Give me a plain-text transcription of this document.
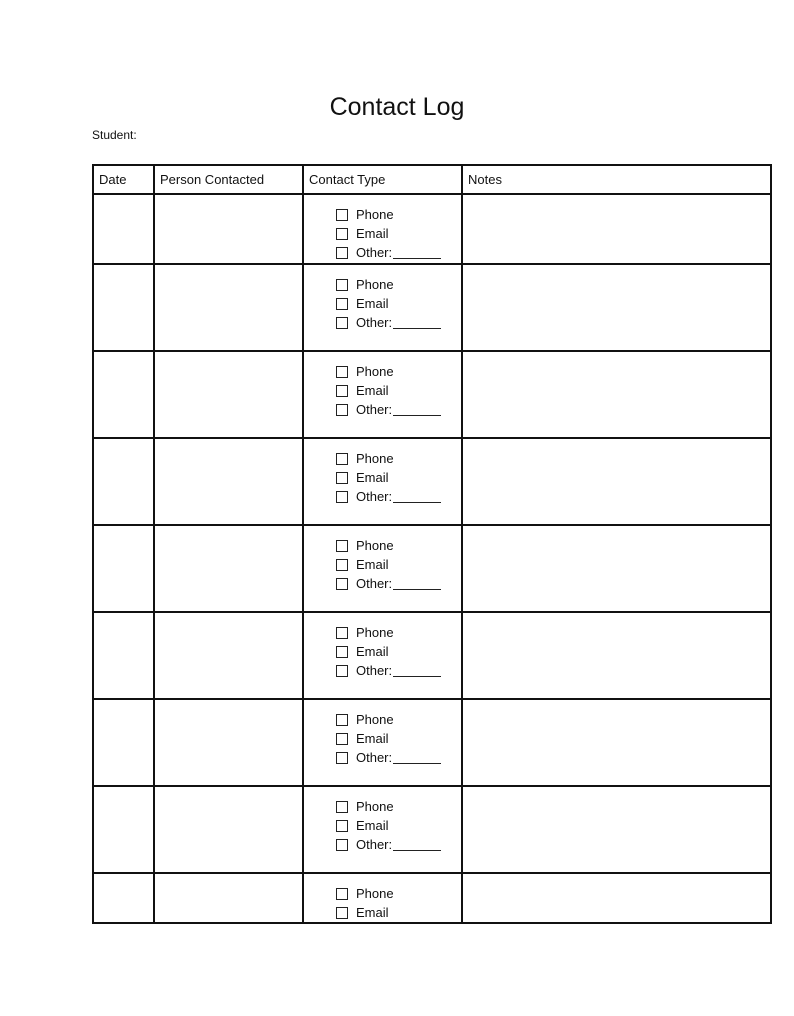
Contact Log
Student:
Date	Person Contacted	Contact Type	Notes

		Phone
Email
Other:	

		Phone
Email
Other:	

		Phone
Email
Other:	

		Phone
Email
Other:	

		Phone
Email
Other:	

		Phone
Email
Other:	

		Phone
Email
Other:	

		Phone
Email
Other:	

		Phone
Email	
